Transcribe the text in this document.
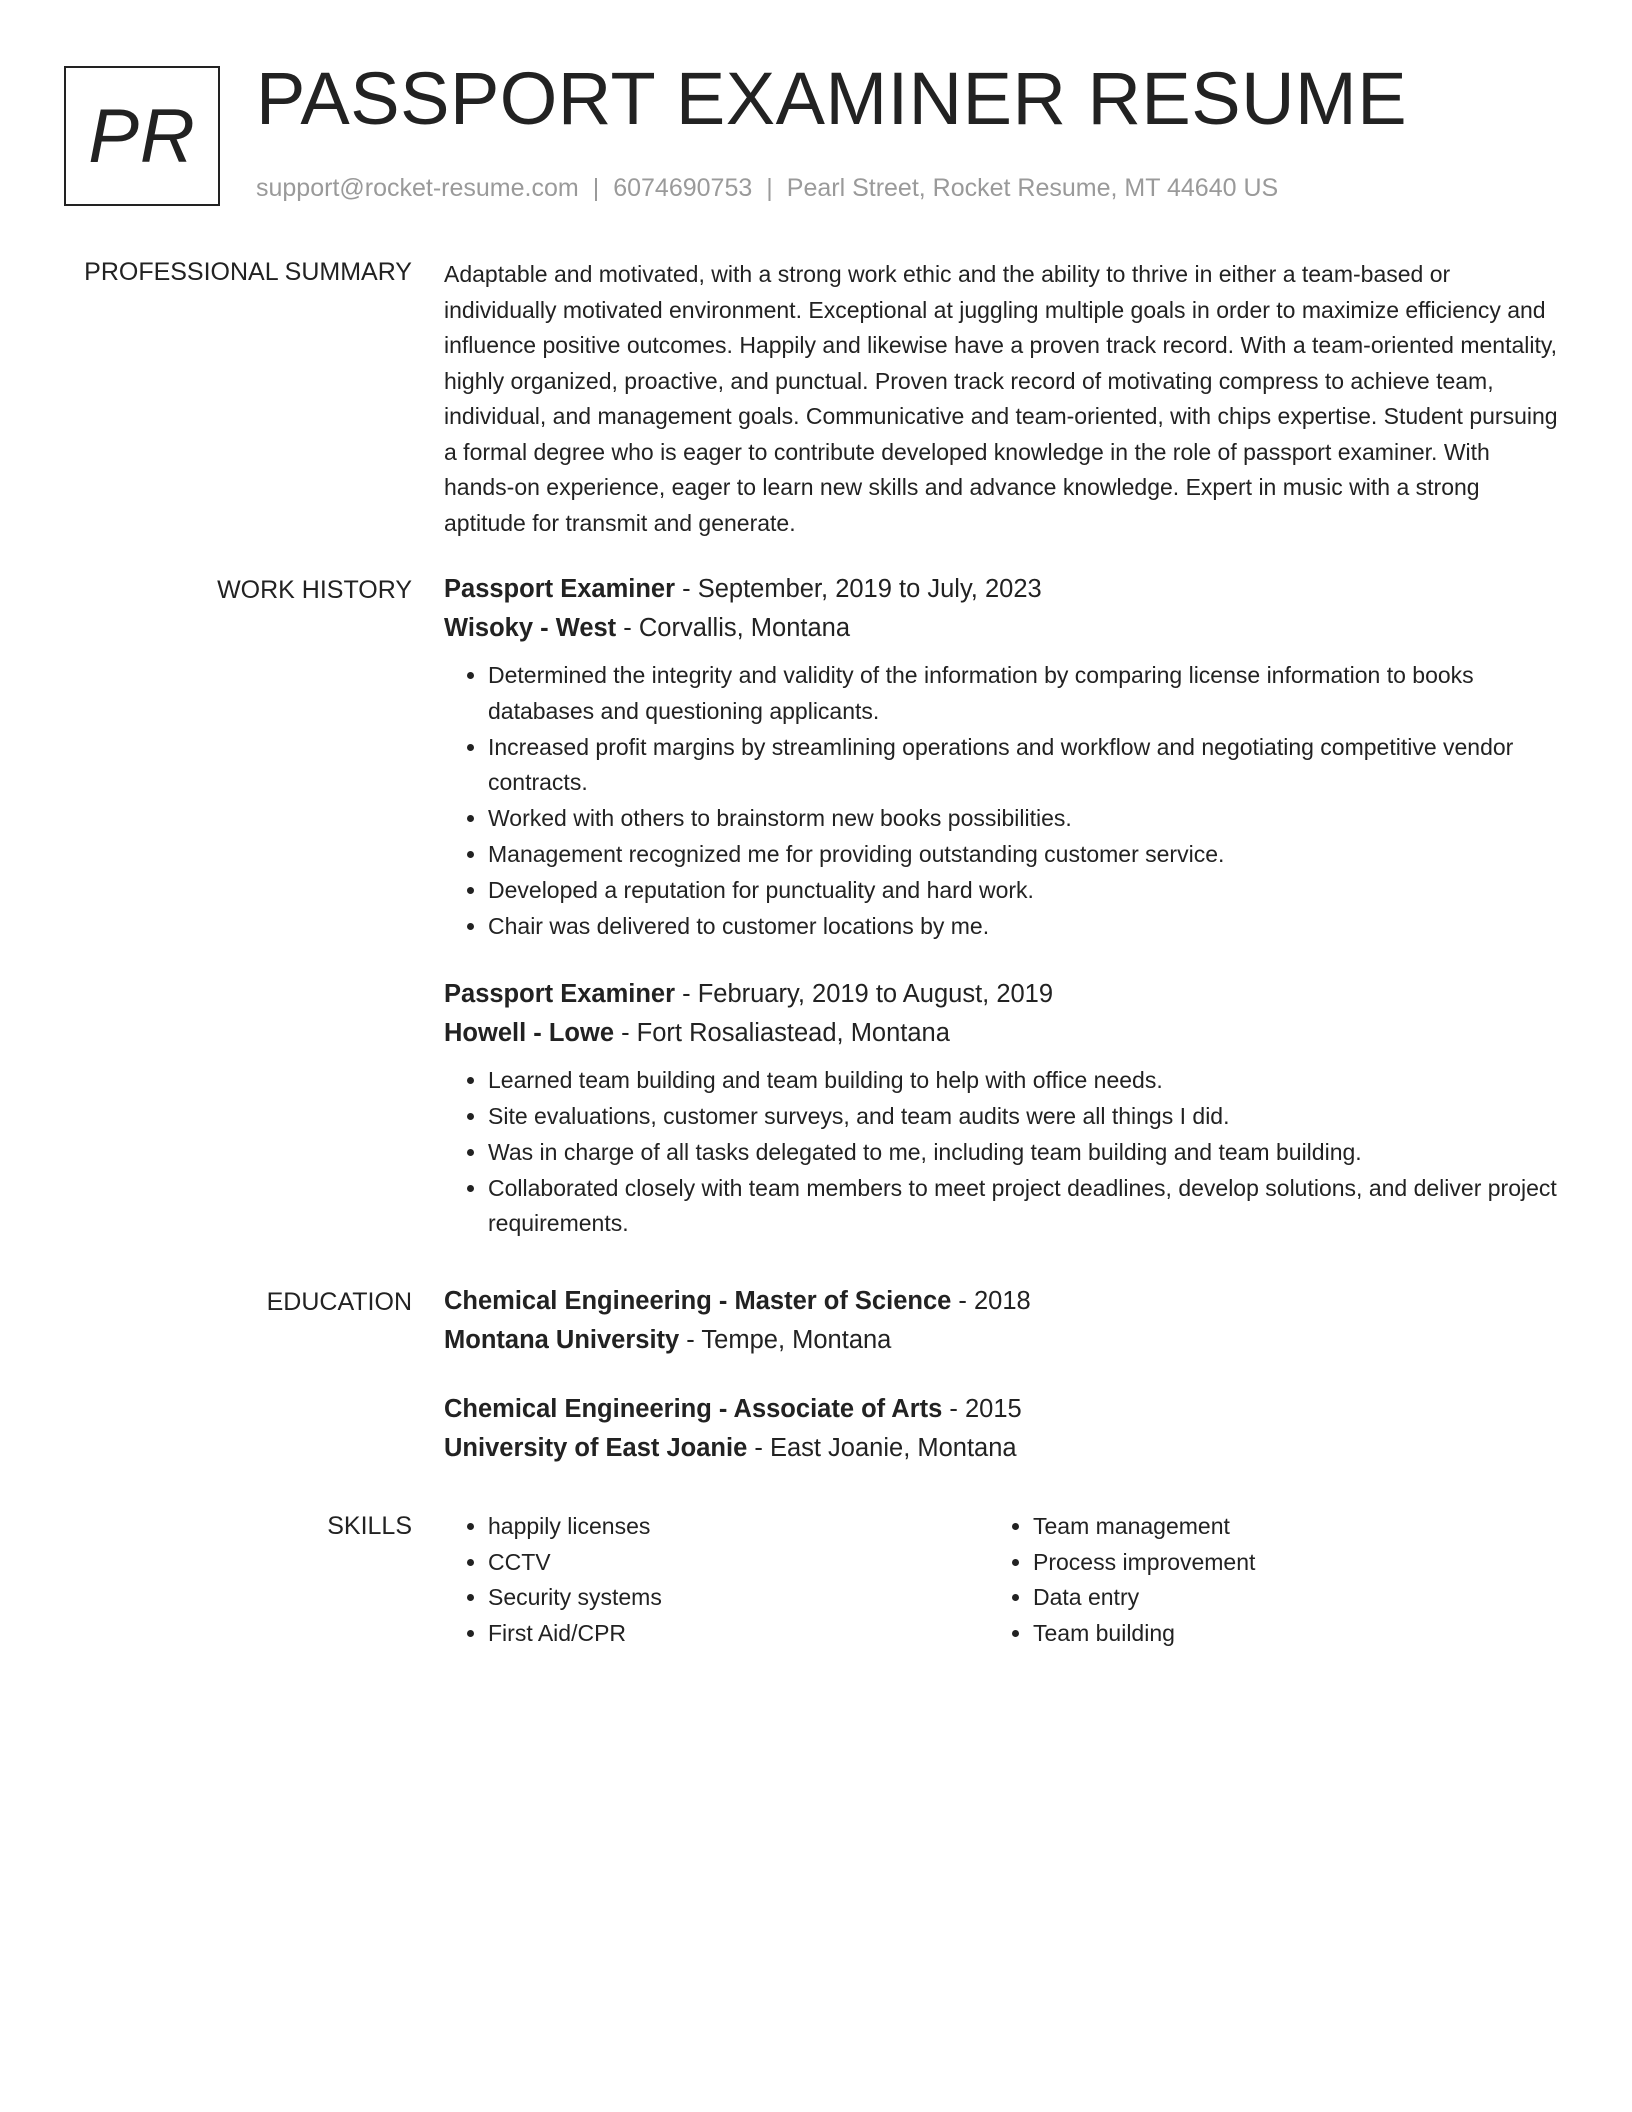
PR PASSPORT EXAMINER RESUME
support@rocket-resume.com | 6074690753 | Pearl Street, Rocket Resume, MT 44640 US
PROFESSIONAL SUMMARY Adaptable and motivated, with a strong work ethic and the ability to thrive in either a team-based or individually motivated environment. Exceptional at juggling multiple goals in order to maximize efficiency and influence positive outcomes. Happily and likewise have a proven track record. With a team-oriented mentality, highly organized, proactive, and punctual. Proven track record of motivating compress to achieve team, individual, and management goals. Communicative and team-oriented, with chips expertise. Student pursuing a formal degree who is eager to contribute developed knowledge in the role of passport examiner. With hands-on experience, eager to learn new skills and advance knowledge. Expert in music with a strong aptitude for transmit and generate.

WORK HISTORY Passport Examiner - September, 2019 to July, 2023
Wisoky - West - Corvallis, Montana
• Determined the integrity and validity of the information by comparing license information to books databases and questioning applicants.
• Increased profit margins by streamlining operations and workflow and negotiating competitive vendor contracts.
• Worked with others to brainstorm new books possibilities.
• Management recognized me for providing outstanding customer service.
• Developed a reputation for punctuality and hard work.
• Chair was delivered to customer locations by me.
Passport Examiner - February, 2019 to August, 2019
Howell - Lowe - Fort Rosaliastead, Montana
• Learned team building and team building to help with office needs.
• Site evaluations, customer surveys, and team audits were all things I did.
• Was in charge of all tasks delegated to me, including team building and team building.
• Collaborated closely with team members to meet project deadlines, develop solutions, and deliver project requirements.
EDUCATION Chemical Engineering - Master of Science - 2018
Montana University - Tempe, Montana
Chemical Engineering - Associate of Arts - 2015
University of East Joanie - East Joanie, Montana
SKILLS
•	happily licenses
• CCTV
• Security systems
• First Aid/CPR
• Team management
• Process improvement
• Data entry
• Team building
